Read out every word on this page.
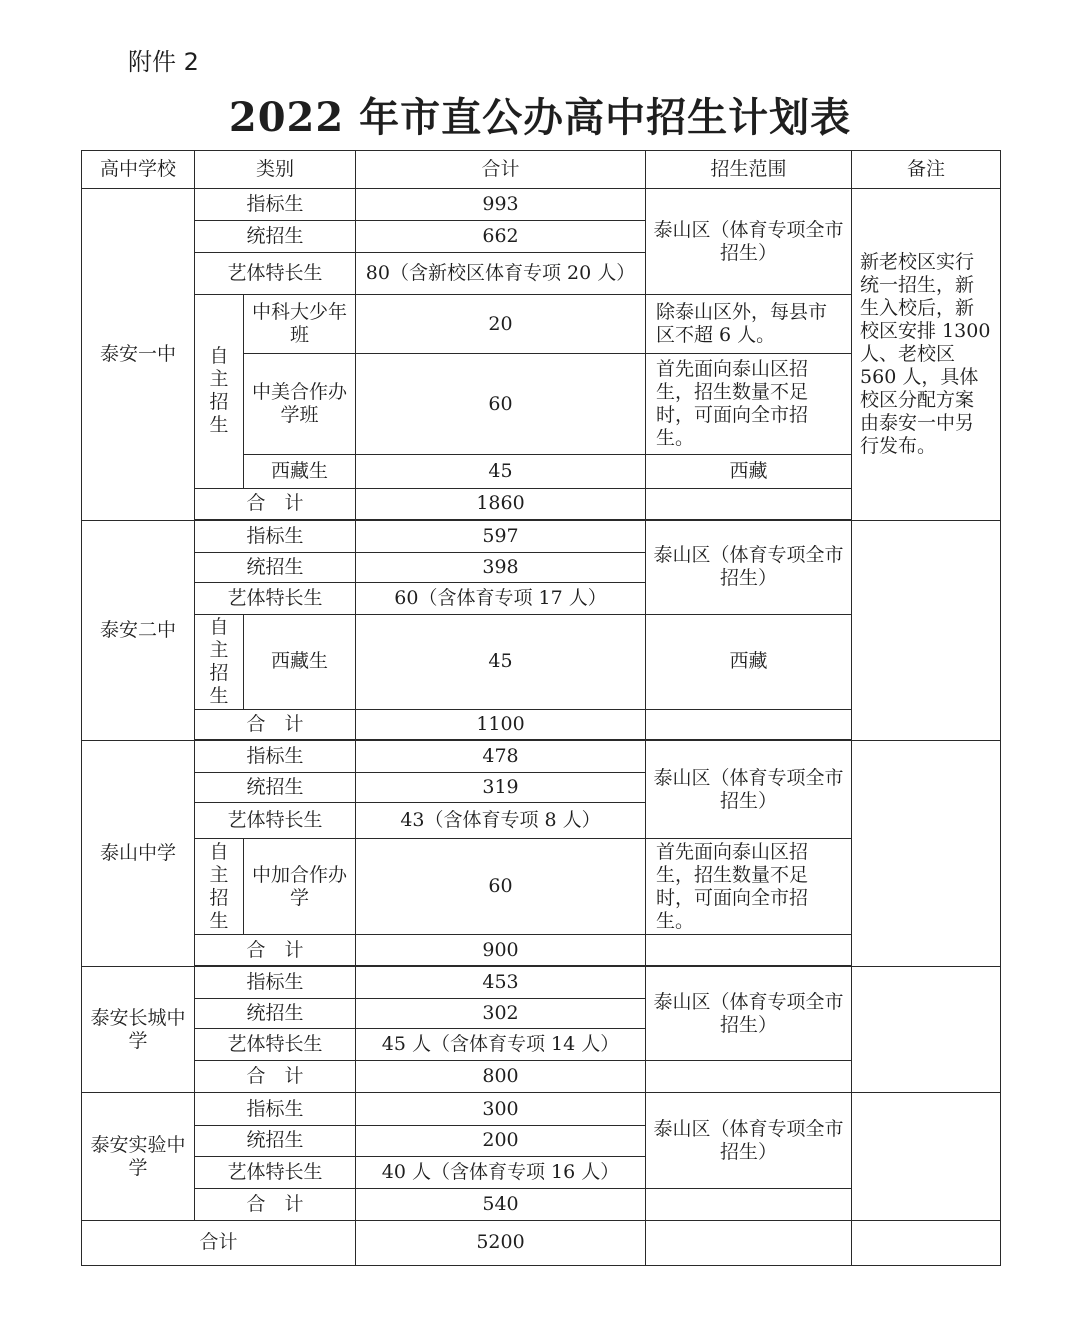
附件 2
2022 年市直公办高中招生计划表
高中学校	类别		合计	招生范围	备注
泰安一中	指标生		993	泰山区（体育专项全市招生）	新老校区实行统一招生，新生入校后，新校区安排 1300 人、老校区 560 人，具体校区分配方案由泰安一中另行发布。
	统招生		662		
	艺体特长生		80（含新校区体育专项 20 人）		

	自主招生	中科大少年班	20	除泰山区外，每县市区不超 6 人。	
		中美合作办学班	60	首先面向泰山区招生，招生数量不足时，可面向全市招生。	
		西藏生	45	西藏	
	合　计		1860		

泰安二中	指标生		597	泰山区（体育专项全市招生）	
	统招生		398		
	艺体特长生		60（含体育专项 17 人）		

	自主招生	西藏生	45	西藏	
	合　计		1100		

泰山中学	指标生		478	泰山区（体育专项全市招生）	
	统招生		319		
	艺体特长生		43（含体育专项 8 人）		

	自主招生	中加合作办学	60	首先面向泰山区招生，招生数量不足时，可面向全市招生。	
	合　计		900		

泰安长城中学	指标生		453	泰山区（体育专项全市招生）	
	统招生		302		
	艺体特长生		45 人（含体育专项 14 人）		
	合　计		800		
泰安实验中学	指标生		300	泰山区（体育专项全市招生）	
	统招生		200		
	艺体特长生		40 人（含体育专项 16 人）		
	合　计		540		
合计			5200		
